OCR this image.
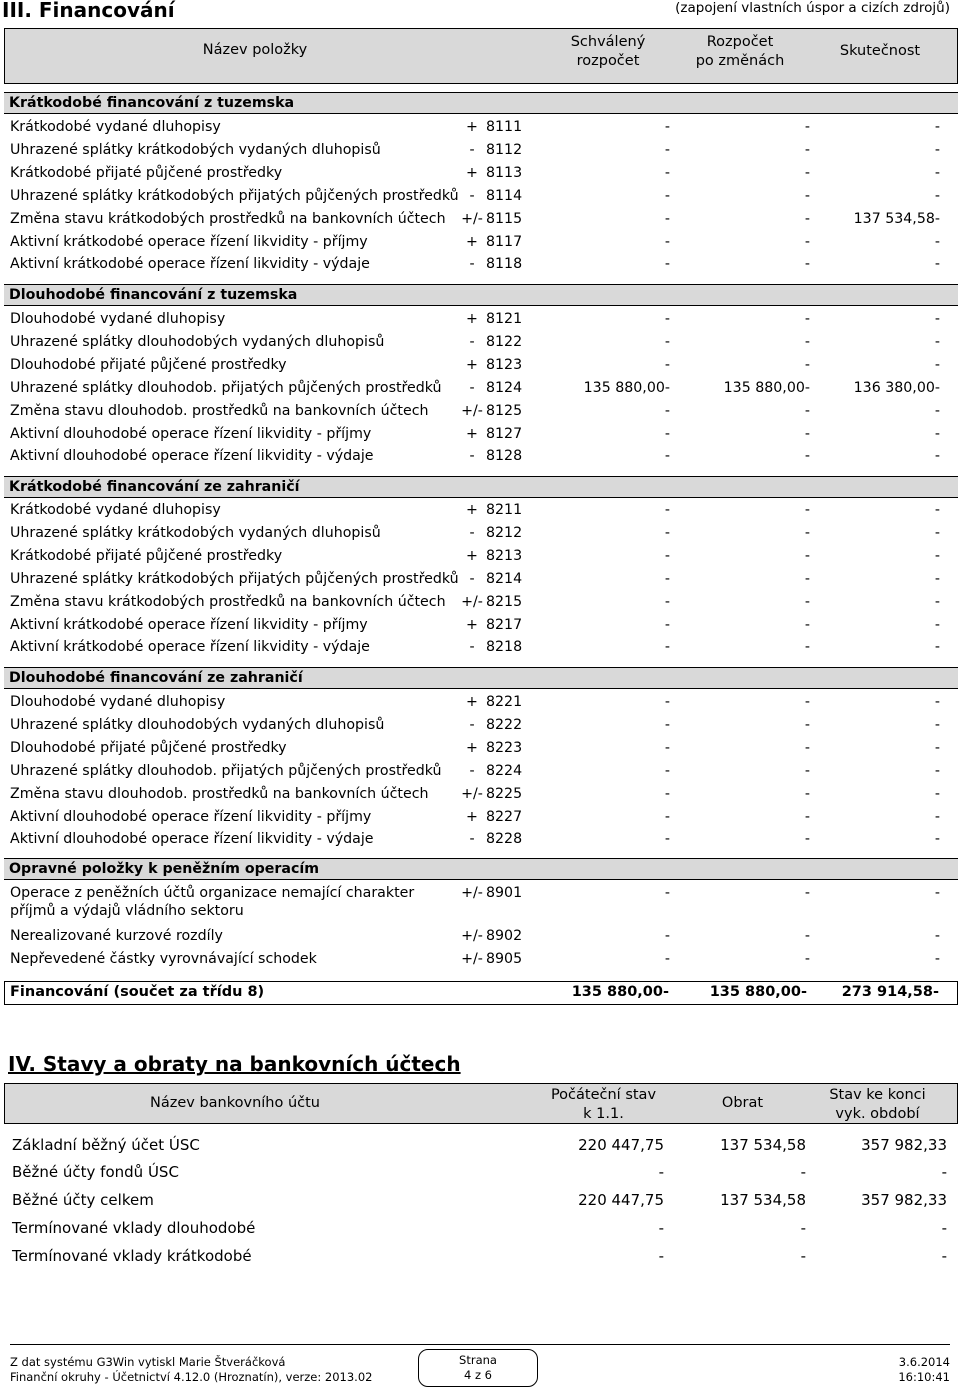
III. Financování	(zapojení vlastních úspor a cizích zdrojů)
Název položky	Schválený
rozpočet
Rozpočet
po změnách
Skutečnost
Krátkodobé financování z tuzemska
Krátkodobé vydané dluhopisy	+ 8111	-	-	-
Uhrazené splátky krátkodobých vydaných dluhopisů	- 8112	-	-	-
Krátkodobé přijaté půjčené prostředky	+ 8113	-	-	-
Uhrazené splátky krátkodobých přijatých půjčených prostředků - 8114	-	-	-
Změna stavu krátkodobých prostředků na bankovních účtech	+/- 8115	-	-	137 534,58-
Aktivní krátkodobé operace řízení likvidity - příjmy	+ 8117	-	-	-
Aktivní krátkodobé operace řízení likvidity - výdaje	- 8118	-	-	-
Dlouhodobé financování z tuzemska
Dlouhodobé vydané dluhopisy	+ 8121	-	-	-
Uhrazené splátky dlouhodobých vydaných dluhopisů	- 8122	-	-	-
Dlouhodobé přijaté půjčené prostředky	+ 8123	-	-	-
Uhrazené splátky dlouhodob. přijatých půjčených prostředků	- 8124	135 880,00-	135 880,00-	136 380,00-
Změna stavu dlouhodob. prostředků na bankovních účtech	+/- 8125	-	-	-
Aktivní dlouhodobé operace řízení likvidity - příjmy	+ 8127	-	-	-
Aktivní dlouhodobé operace řízení likvidity - výdaje	- 8128	-	-	-
Krátkodobé financování ze zahraničí
Krátkodobé vydané dluhopisy	+ 8211	-	-	-
Uhrazené splátky krátkodobých vydaných dluhopisů	- 8212	-	-	-
Krátkodobé přijaté půjčené prostředky	+ 8213	-	-	-
Uhrazené splátky krátkodobých přijatých půjčených prostředků - 8214	-	-	-
Změna stavu krátkodobých prostředků na bankovních účtech	+/- 8215	-	-	-
Aktivní krátkodobé operace řízení likvidity - příjmy	+ 8217	-	-	-
Aktivní krátkodobé operace řízení likvidity - výdaje	- 8218	-	-	-
Dlouhodobé financování ze zahraničí
Dlouhodobé vydané dluhopisy	+ 8221	-	-	-
Uhrazené splátky dlouhodobých vydaných dluhopisů	- 8222	-	-	-
Dlouhodobé přijaté půjčené prostředky	+ 8223	-	-	-
Uhrazené splátky dlouhodob. přijatých půjčených prostředků	- 8224	-	-	-
Změna stavu dlouhodob. prostředků na bankovních účtech	+/- 8225	-	-	-
Aktivní dlouhodobé operace řízení likvidity - příjmy	+ 8227	-	-	-
Aktivní dlouhodobé operace řízení likvidity - výdaje	- 8228	-	-	-
Opravné položky k peněžním operacím
Operace z peněžních účtů organizace nemající charakter	+/- 8901	-	-	-
příjmů a výdajů vládního sektoru
Nerealizované kurzové rozdíly	+/- 8902	-	-	-
Nepřevedené částky vyrovnávající schodek	+/- 8905	-	-	-
Financování (součet za třídu 8)	135 880,00-	135 880,00- 273 914,58-
IV. Stavy a obraty na bankovních účtech
Název bankovního účtu	Počáteční stav
k 1.1.
Obrat	Stav ke konci
vyk. období
Základní běžný účet ÚSC	220 447,75	137 534,58	357 982,33
Běžné účty fondů ÚSC	-	-	-
Běžné účty celkem	220 447,75	137 534,58	357 982,33
Termínované vklady dlouhodobé	-	-	-
Termínované vklady krátkodobé	-	-	-
Z dat systému G3Win vytiskl Marie Štveráčková
Finanční okruhy - Účetnictví 4.12.0 (Hroznatín), verze: 2013.02
Strana
4 z 6
3.6.2014
16:10:41
